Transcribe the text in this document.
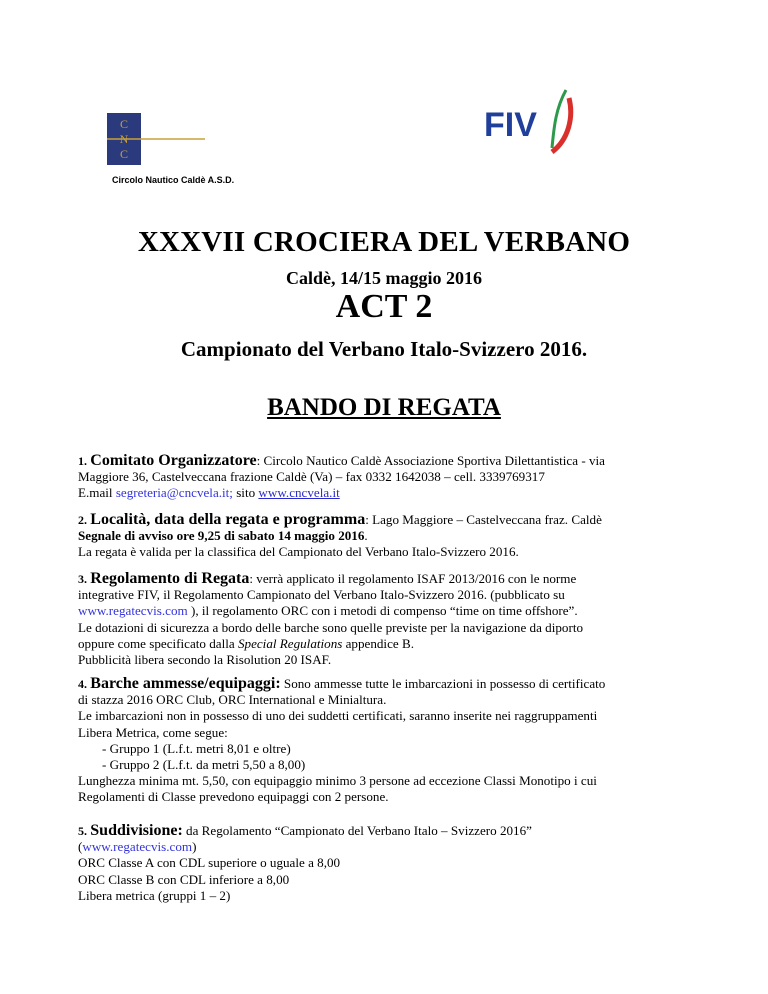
C
N
C
Circolo Nautico Caldè A.S.D.
FIV
XXXVII CROCIERA DEL VERBANO
Caldè, 14/15 maggio 2016
ACT 2
Campionato del Verbano Italo-Svizzero 2016.
BANDO DI REGATA

1. Comitato Organizzatore: Circolo Nautico Caldè Associazione Sportiva Dilettantistica - via

Maggiore 36, Castelveccana frazione Caldè (Va) – fax 0332 1642038 – cell. 3339769317

E.mail segreteria@cncvela.it; sito www.cncvela.it

2. Località, data della regata e programma: Lago Maggiore – Castelveccana fraz. Caldè

Segnale di avviso ore 9,25 di sabato 14 maggio 2016.

La regata è valida per la classifica del Campionato del Verbano Italo-Svizzero 2016.

3. Regolamento di Regata: verrà applicato il regolamento ISAF 2013/2016 con le norme

integrative FIV, il Regolamento Campionato del Verbano Italo-Svizzero 2016. (pubblicato su

www.regatecvis.com ), il regolamento ORC con i metodi di compenso “time on time offshore”.

Le dotazioni di sicurezza a bordo delle barche sono quelle previste per la navigazione da diporto

oppure come specificato dalla Special Regulations appendice B.

Pubblicità libera secondo la Risolution 20 ISAF.

4. Barche ammesse/equipaggi: Sono ammesse tutte le imbarcazioni in possesso di certificato

di stazza 2016 ORC Club, ORC International e Minialtura.

Le imbarcazioni non in possesso di uno dei suddetti certificati, saranno inserite nei raggruppamenti

Libera Metrica, come segue:

- Gruppo 1 (L.f.t. metri 8,01 e oltre)

- Gruppo 2 (L.f.t. da metri 5,50 a 8,00)

Lunghezza minima mt. 5,50, con equipaggio minimo 3 persone ad eccezione Classi Monotipo i cui

Regolamenti di Classe prevedono equipaggi con 2 persone.

5. Suddivisione: da Regolamento “Campionato del Verbano Italo – Svizzero 2016”

(www.regatecvis.com)

ORC Classe A con CDL superiore o uguale a 8,00

ORC Classe B con CDL inferiore a 8,00

Libera metrica (gruppi 1 – 2)
